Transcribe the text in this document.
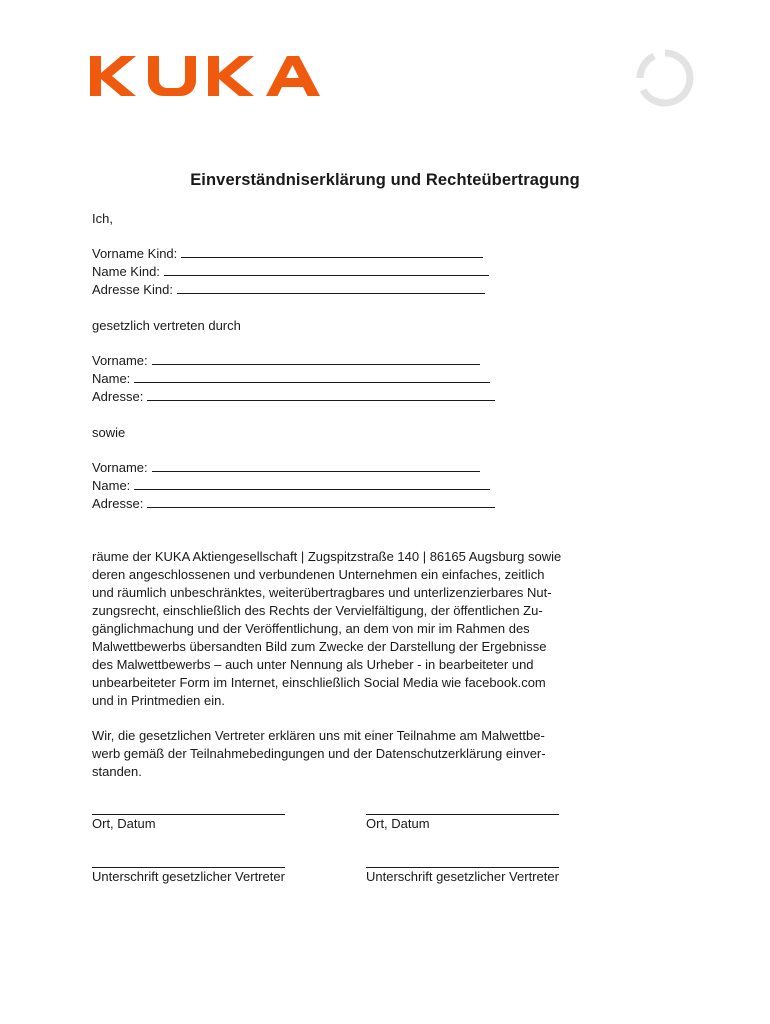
Einverständniserklärung und Rechteübertragung
Ich,
Vorname Kind:
Name Kind:
Adresse Kind:
gesetzlich vertreten durch
Vorname:
Name:
Adresse:
sowie
Vorname:
Name:
Adresse:
räume der KUKA Aktiengesellschaft | Zugspitzstraße 140 | 86165 Augsburg sowie
deren angeschlossenen und verbundenen Unternehmen ein einfaches, zeitlich
und räumlich unbeschränktes, weiterübertragbares und unterlizenzierbares Nut-
zungsrecht, einschließlich des Rechts der Vervielfältigung, der öffentlichen Zu-
gänglichmachung und der Veröffentlichung, an dem von mir im Rahmen des
Malwettbewerbs übersandten Bild zum Zwecke der Darstellung der Ergebnisse
des Malwettbewerbs – auch unter Nennung als Urheber - in bearbeiteter und
unbearbeiteter Form im Internet, einschließlich Social Media wie facebook.com
und in Printmedien ein.
Wir, die gesetzlichen Vertreter erklären uns mit einer Teilnahme am Malwettbe-
werb gemäß der Teilnahmebedingungen und der Datenschutzerklärung einver-
standen.
Ort, Datum	Ort, Datum
Unterschrift gesetzlicher Vertreter	Unterschrift gesetzlicher Vertreter
